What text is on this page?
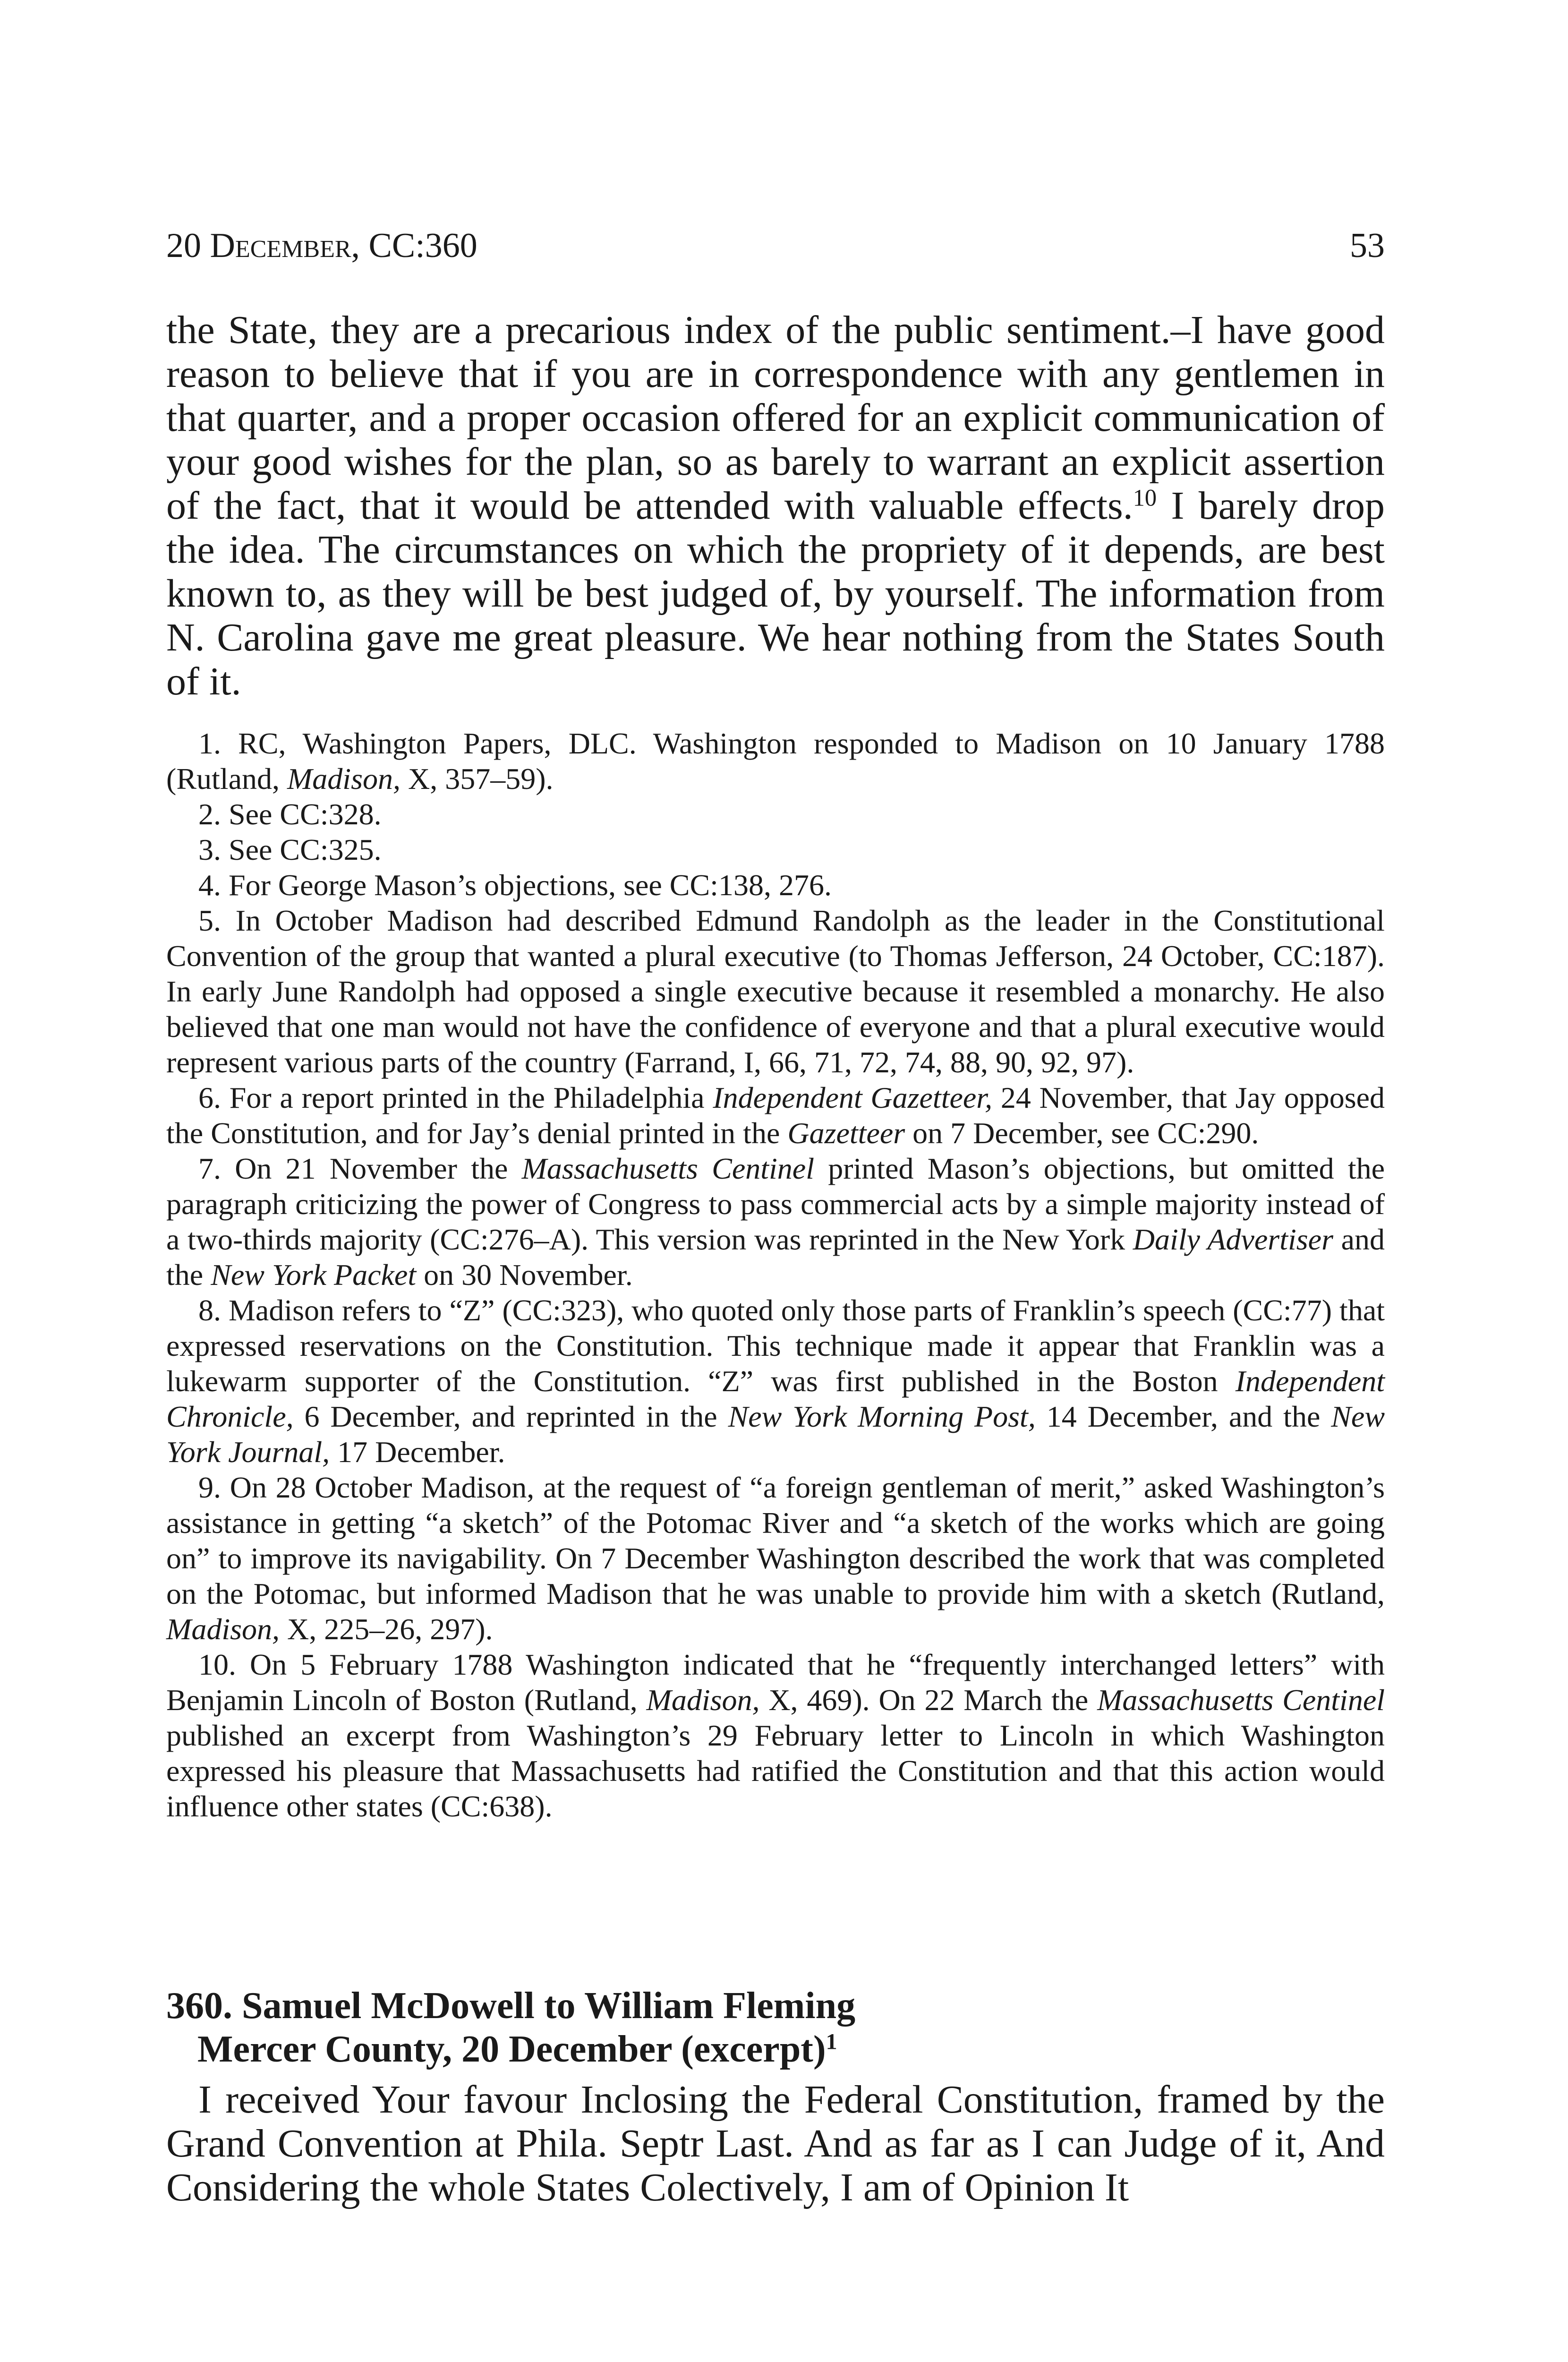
20 December, CC:360	53

the State, they are a precarious index of the public sentiment.–I have good reason to believe that if you are in correspondence with any gentlemen in that quarter, and a proper occasion offered for an explicit communication of your good wishes for the plan, so as barely to warrant an explicit assertion of the fact, that it would be attended with valuable effects.$^{10}$ I barely drop the idea. The circumstances on which the propriety of it depends, are best known to, as they will be best judged of, by yourself. The information from N. Carolina gave me great pleasure. We hear nothing from the States South of it.

1. RC, Washington Papers, DLC. Washington responded to Madison on 10 January 1788 (Rutland, Madison, X, 357–59).
2. See CC:328.
3. See CC:325.
4. For George Mason’s objections, see CC:138, 276.
5. In October Madison had described Edmund Randolph as the leader in the Constitutional Convention of the group that wanted a plural executive (to Thomas Jefferson, 24 October, CC:187). In early June Randolph had opposed a single executive because it resembled a monarchy. He also believed that one man would not have the confidence of everyone and that a plural executive would represent various parts of the country (Farrand, I, 66, 71, 72, 74, 88, 90, 92, 97).
6. For a report printed in the Philadelphia Independent Gazetteer, 24 November, that Jay opposed the Constitution, and for Jay’s denial printed in the Gazetteer on 7 December, see CC:290.
7. On 21 November the Massachusetts Centinel printed Mason’s objections, but omitted the paragraph criticizing the power of Congress to pass commercial acts by a simple majority instead of a two-thirds majority (CC:276–A). This version was reprinted in the New York Daily Advertiser and the New York Packet on 30 November.
8. Madison refers to “Z” (CC:323), who quoted only those parts of Franklin’s speech (CC:77) that expressed reservations on the Constitution. This technique made it appear that Franklin was a lukewarm supporter of the Constitution. “Z” was first published in the Boston Independent Chronicle, 6 December, and reprinted in the New York Morning Post, 14 December, and the New York Journal, 17 December.
9. On 28 October Madison, at the request of “a foreign gentleman of merit,” asked Washington’s assistance in getting “a sketch” of the Potomac River and “a sketch of the works which are going on” to improve its navigability. On 7 December Washington described the work that was completed on the Potomac, but informed Madison that he was unable to provide him with a sketch (Rutland, Madison, X, 225–26, 297).
10. On 5 February 1788 Washington indicated that he “frequently interchanged letters” with Benjamin Lincoln of Boston (Rutland, Madison, X, 469). On 22 March the Massachusetts Centinel published an excerpt from Washington’s 29 February letter to Lincoln in which Washington expressed his pleasure that Massachusetts had ratified the Constitution and that this action would influence other states (CC:638).
360. Samuel McDowell to William Fleming
Mercer County, 20 December (excerpt)$^1$

I received Your favour Inclosing the Federal Constitution, framed by the Grand Convention at Phila. Septr Last. And as far as I can Judge of it, And Considering the whole States Colectively, I am of Opinion It
